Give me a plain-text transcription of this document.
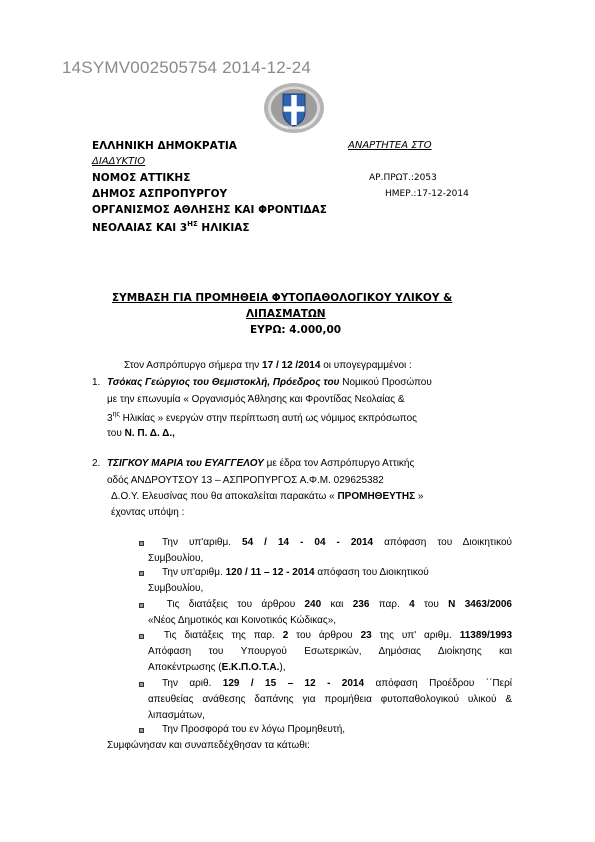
14SYMV002505754 2014-12-24
ΕΛΛΗΝΙΚΗ ΔΗΜΟΚΡΑΤΙΑ	ΑΝΑΡΤΗΤΕΑ ΣΤΟ
ΔΙΑΔΥΚΤΙΟ
ΝΟΜΟΣ ΑΤΤΙΚΗΣ	ΑΡ.ΠΡΩΤ.:2053
ΔΗΜΟΣ ΑΣΠΡΟΠΥΡΓΟΥ	ΗΜΕΡ.:17-12-2014
ΟΡΓΑΝΙΣΜΟΣ ΑΘΛΗΣΗΣ ΚΑΙ ΦΡΟΝΤΙΔΑΣ
ΝΕΟΛΑΙΑΣ ΚΑΙ $3^{H\Sigma}$ ΗΛΙΚΙΑΣ
ΣΥΜΒΑΣΗ ΓΙΑ ΠΡΟΜΗΘΕΙΑ ΦΥΤΟΠΑΘΟΛΟΓΙΚΟΥ ΥΛΙΚΟΥ &
ΛΙΠΑΣΜΑΤΩΝ
ΕΥΡΩ: 4.000,00
Στον Ασπρόπυργο σήμερα την 17 / 12 /2014 οι υπογεγραμμένοι :
1. Τσόκας Γεώργιος του Θεμιστοκλή, Πρόεδρος του Νομικού Προσώπου
με την επωνυμία « Οργανισμός Άθλησης και Φροντίδας Νεολαίας &
$3^{\eta\varsigma}$ Ηλικίας » ενεργών στην περίπτωση αυτή ως νόμιμος εκπρόσωπος
του Ν. Π. Δ. Δ.,
2. ΤΣΙΓΚΟΥ ΜΑΡΙΑ του ΕΥΑΓΓΕΛΟΥ με έδρα τον Ασπρόπυργο Αττικής
οδός ΑΝΔΡΟΥΤΣΟΥ 13 – ΑΣΠΡΟΠΥΡΓΟΣ Α.Φ.Μ. 029625382
Δ.Ο.Υ. Ελευσίνας που θα αποκαλείται παρακάτω « ΠΡΟΜΗΘΕΥΤΗΣ »
έχοντας υπόψη :
Την υπ'αριθμ. 54 / 14 - 04 - 2014 απόφαση του Διοικητικού
Συμβουλίου,
Την υπ'αριθμ. 120 / 11 – 12 - 2014 απόφαση του Διοικητικού
Συμβουλίου,
Τις διατάξεις του άρθρου 240 και 236 παρ. 4 του Ν 3463/2006
«Νέος Δημοτικός και Κοινοτικός Κώδικας»,
Τις διατάξεις της παρ. 2 του άρθρου 23 της υπ' αριθμ. 11389/1993
Απόφαση του Υπουργού Εσωτερικών, Δημόσιας Διοίκησης και
Αποκέντρωσης (Ε.Κ.Π.Ο.Τ.Α.),
Την αριθ. 129 / 15 – 12 - 2014 απόφαση Προέδρου ΄΄Περί
απευθείας ανάθεσης δαπάνης για προμήθεια φυτοπαθολογικού υλικού &
λιπασμάτων,
Την Προσφορά του εν λόγω Προμηθευτή,
Συμφώνησαν και συναπεδέχθησαν τα κάτωθι:
